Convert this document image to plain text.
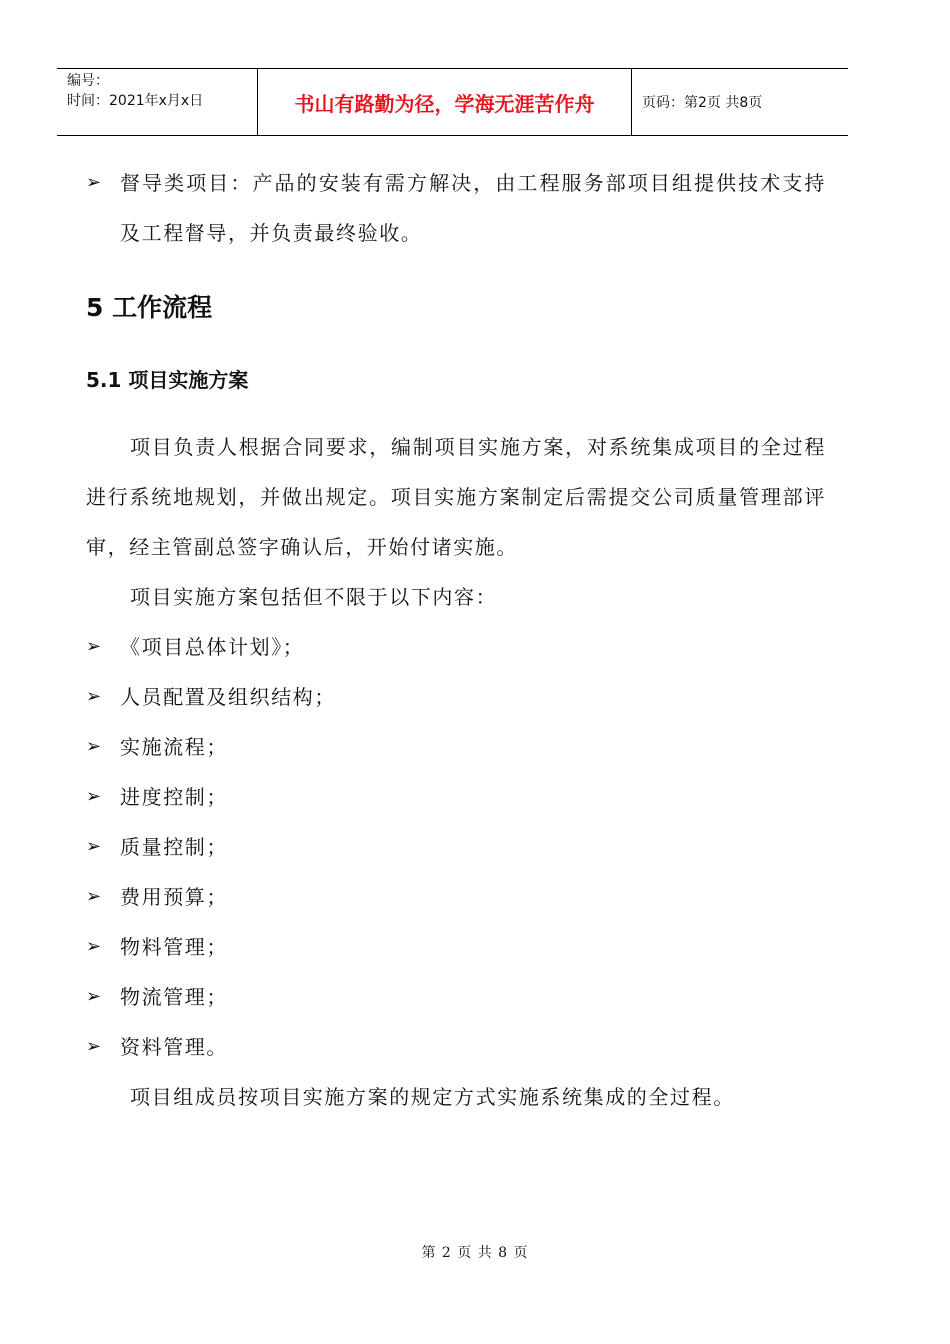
编号：
时间：2021年x月x日	书山有路勤为径，学海无涯苦作舟	页码：第2页 共8页
➢ 督导类项目：产品的安装有需方解决，由工程服务部项目组提供技术支持及工程督导，并负责最终验收。

5 工作流程

5.1 项目实施方案

项目负责人根据合同要求，编制项目实施方案，对系统集成项目的全过程进行系统地规划，并做出规定。项目实施方案制定后需提交公司质量管理部评审，经主管副总签字确认后，开始付诸实施。

项目实施方案包括但不限于以下内容：

➢ 《项目总体计划》；

➢ 人员配置及组织结构；

➢ 实施流程；

➢ 进度控制；

➢ 质量控制；

➢ 费用预算；

➢ 物料管理；

➢ 物流管理；

➢ 资料管理。

项目组成员按项目实施方案的规定方式实施系统集成的全过程。

第 2 页 共 8 页
